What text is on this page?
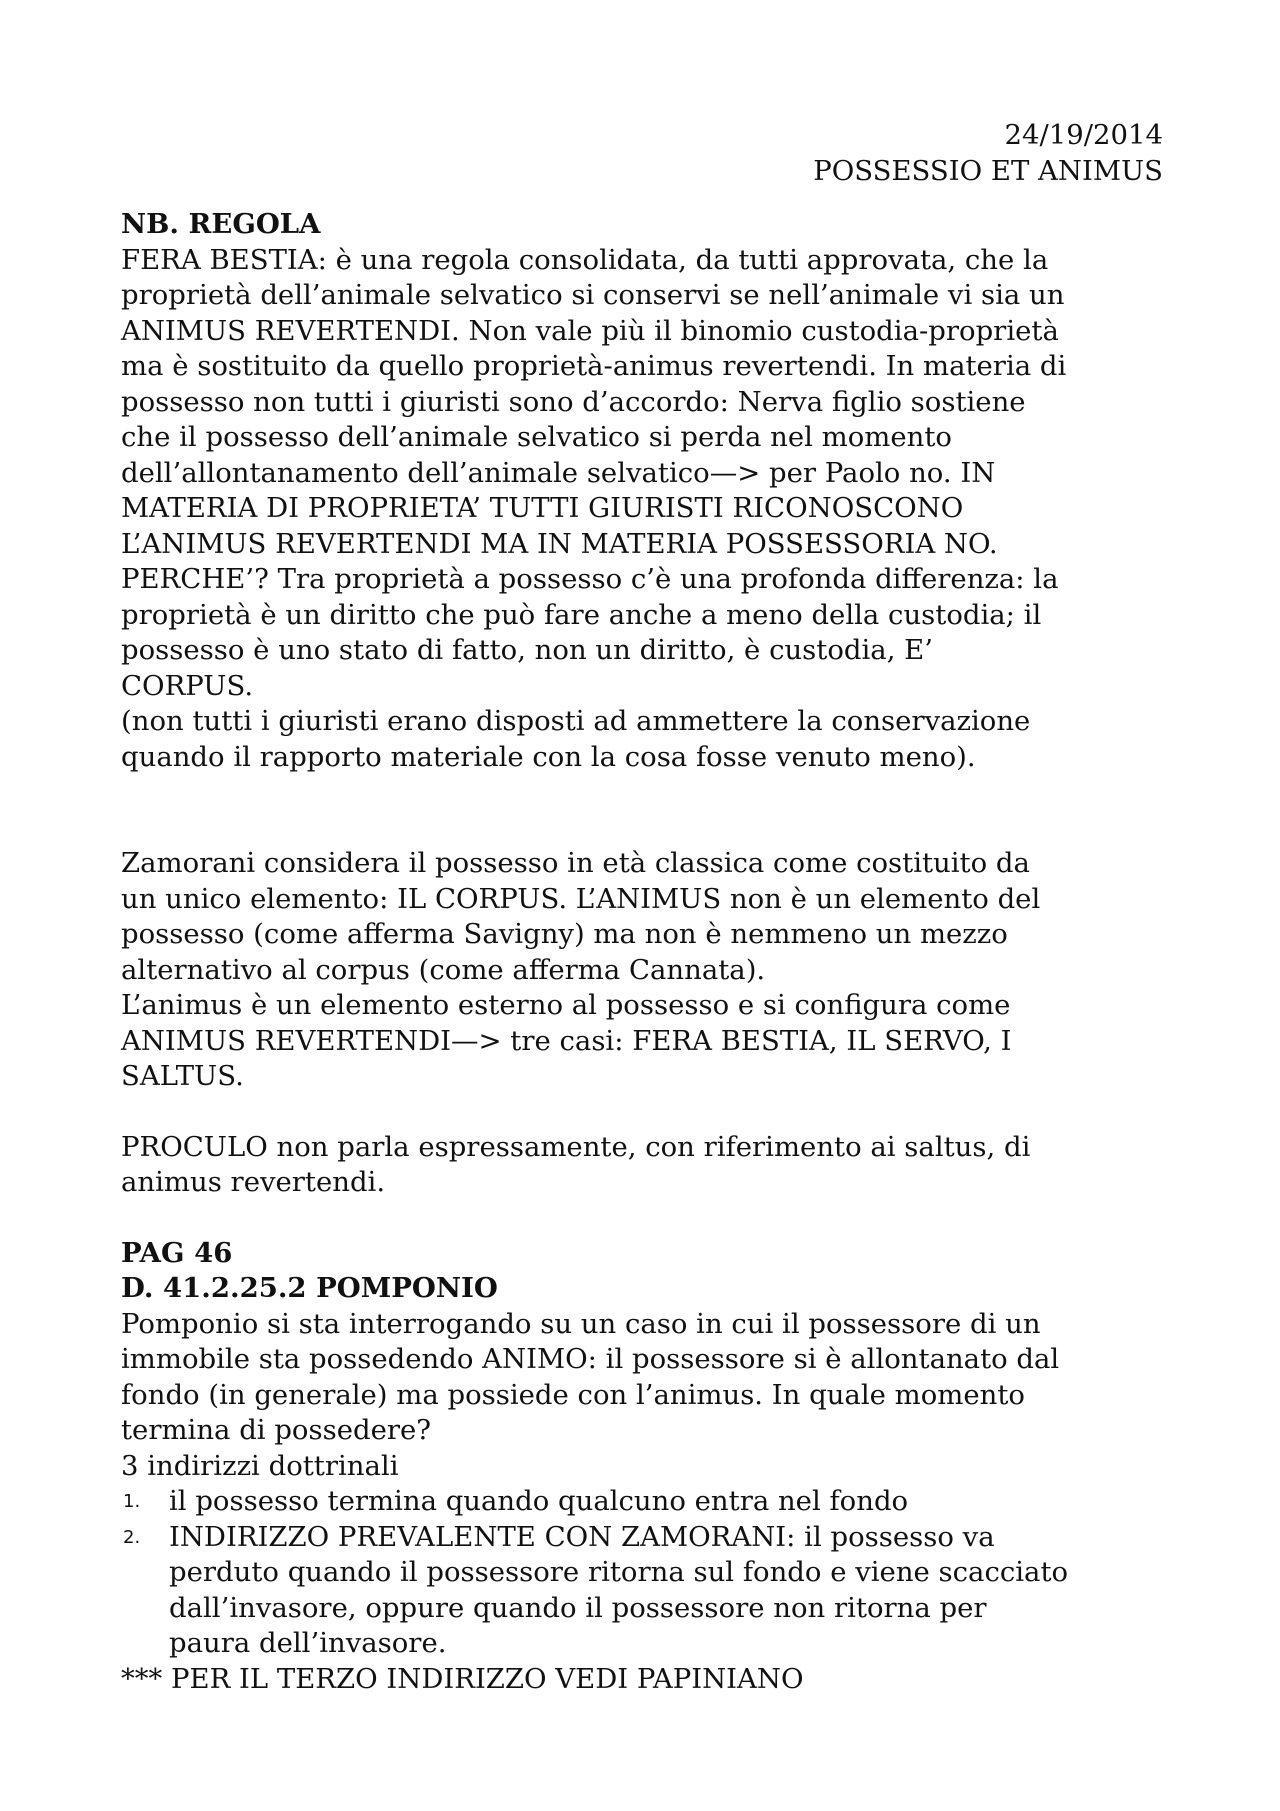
24/19/2014
POSSESSIO ET ANIMUS
NB. REGOLA
FERA BESTIA: è una regola consolidata, da tutti approvata, che la
proprietà dell’animale selvatico si conservi se nell’animale vi sia un
ANIMUS REVERTENDI. Non vale più il binomio custodia-proprietà
ma è sostituito da quello proprietà-animus revertendi. In materia di
possesso non tutti i giuristi sono d’accordo: Nerva figlio sostiene
che il possesso dell’animale selvatico si perda nel momento
dell’allontanamento dell’animale selvatico—> per Paolo no. IN
MATERIA DI PROPRIETA’ TUTTI GIURISTI RICONOSCONO
L’ANIMUS REVERTENDI MA IN MATERIA POSSESSORIA NO.
PERCHE’? Tra proprietà a possesso c’è una profonda differenza: la
proprietà è un diritto che può fare anche a meno della custodia; il
possesso è uno stato di fatto, non un diritto, è custodia, E’
CORPUS.
(non tutti i giuristi erano disposti ad ammettere la conservazione
quando il rapporto materiale con la cosa fosse venuto meno).
Zamorani considera il possesso in età classica come costituito da
un unico elemento: IL CORPUS. L’ANIMUS non è un elemento del
possesso (come afferma Savigny) ma non è nemmeno un mezzo
alternativo al corpus (come afferma Cannata).
L’animus è un elemento esterno al possesso e si configura come
ANIMUS REVERTENDI—> tre casi: FERA BESTIA, IL SERVO, I
SALTUS.
PROCULO non parla espressamente, con riferimento ai saltus, di
animus revertendi.
PAG 46
D. 41.2.25.2 POMPONIO
Pomponio si sta interrogando su un caso in cui il possessore di un
immobile sta possedendo ANIMO: il possessore si è allontanato dal
fondo (in generale) ma possiede con l’animus. In quale momento
termina di possedere?
3 indirizzi dottrinali
1. il possesso termina quando qualcuno entra nel fondo
2. INDIRIZZO PREVALENTE CON ZAMORANI: il possesso va
perduto quando il possessore ritorna sul fondo e viene scacciato
dall’invasore, oppure quando il possessore non ritorna per
paura dell’invasore.
*** PER IL TERZO INDIRIZZO VEDI PAPINIANO
